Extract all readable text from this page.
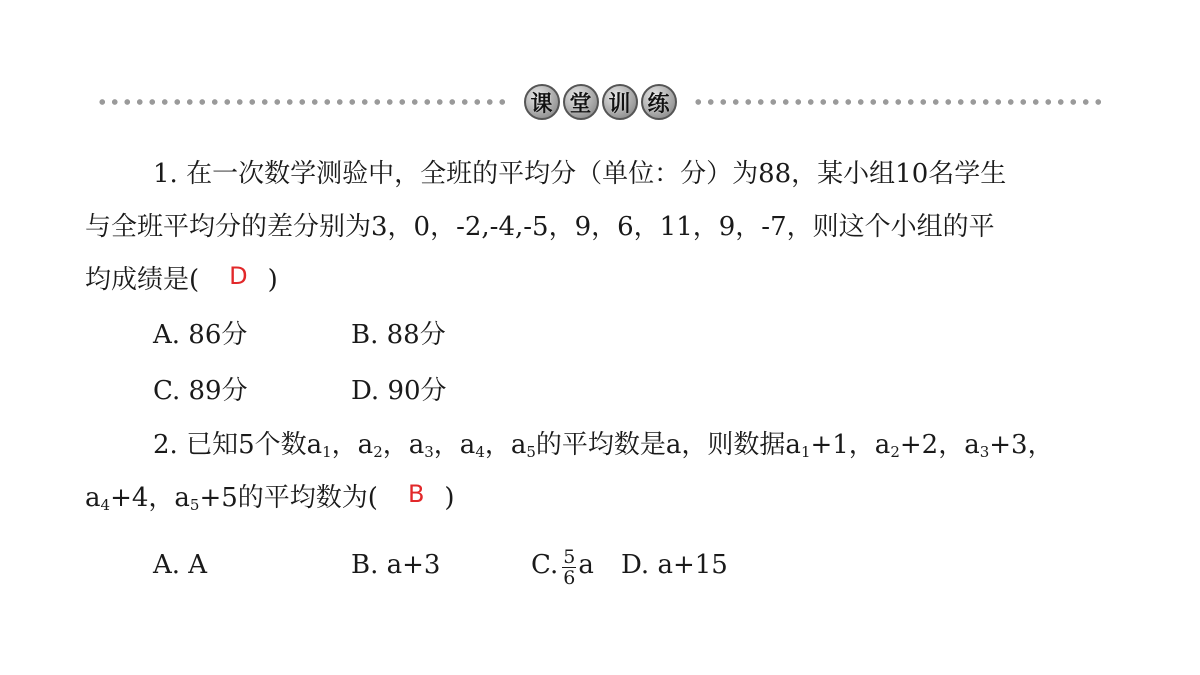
课 堂 训 练
1. 在一次数学测验中，全班的平均分（单位：分）为88，某小组10名学生
与全班平均分的差分别为3，0，-2,-4,-5，9，6，11，9，-7，则这个小组的平
均成绩是( D )
A. 86分	B. 88分
C. 89分	D. 90分
2. 已知5个数$a_1$，$a_2$，$a_3$，$a_4$，$a_5$的平均数是a，则数据$a_1+1$，$a_2+2$，$a_3+3$，
$a_4+4$，$a_5+5$的平均数为( B )
A. A	B. a+3	C. $\frac{5}{6}$ a	D. a+15
